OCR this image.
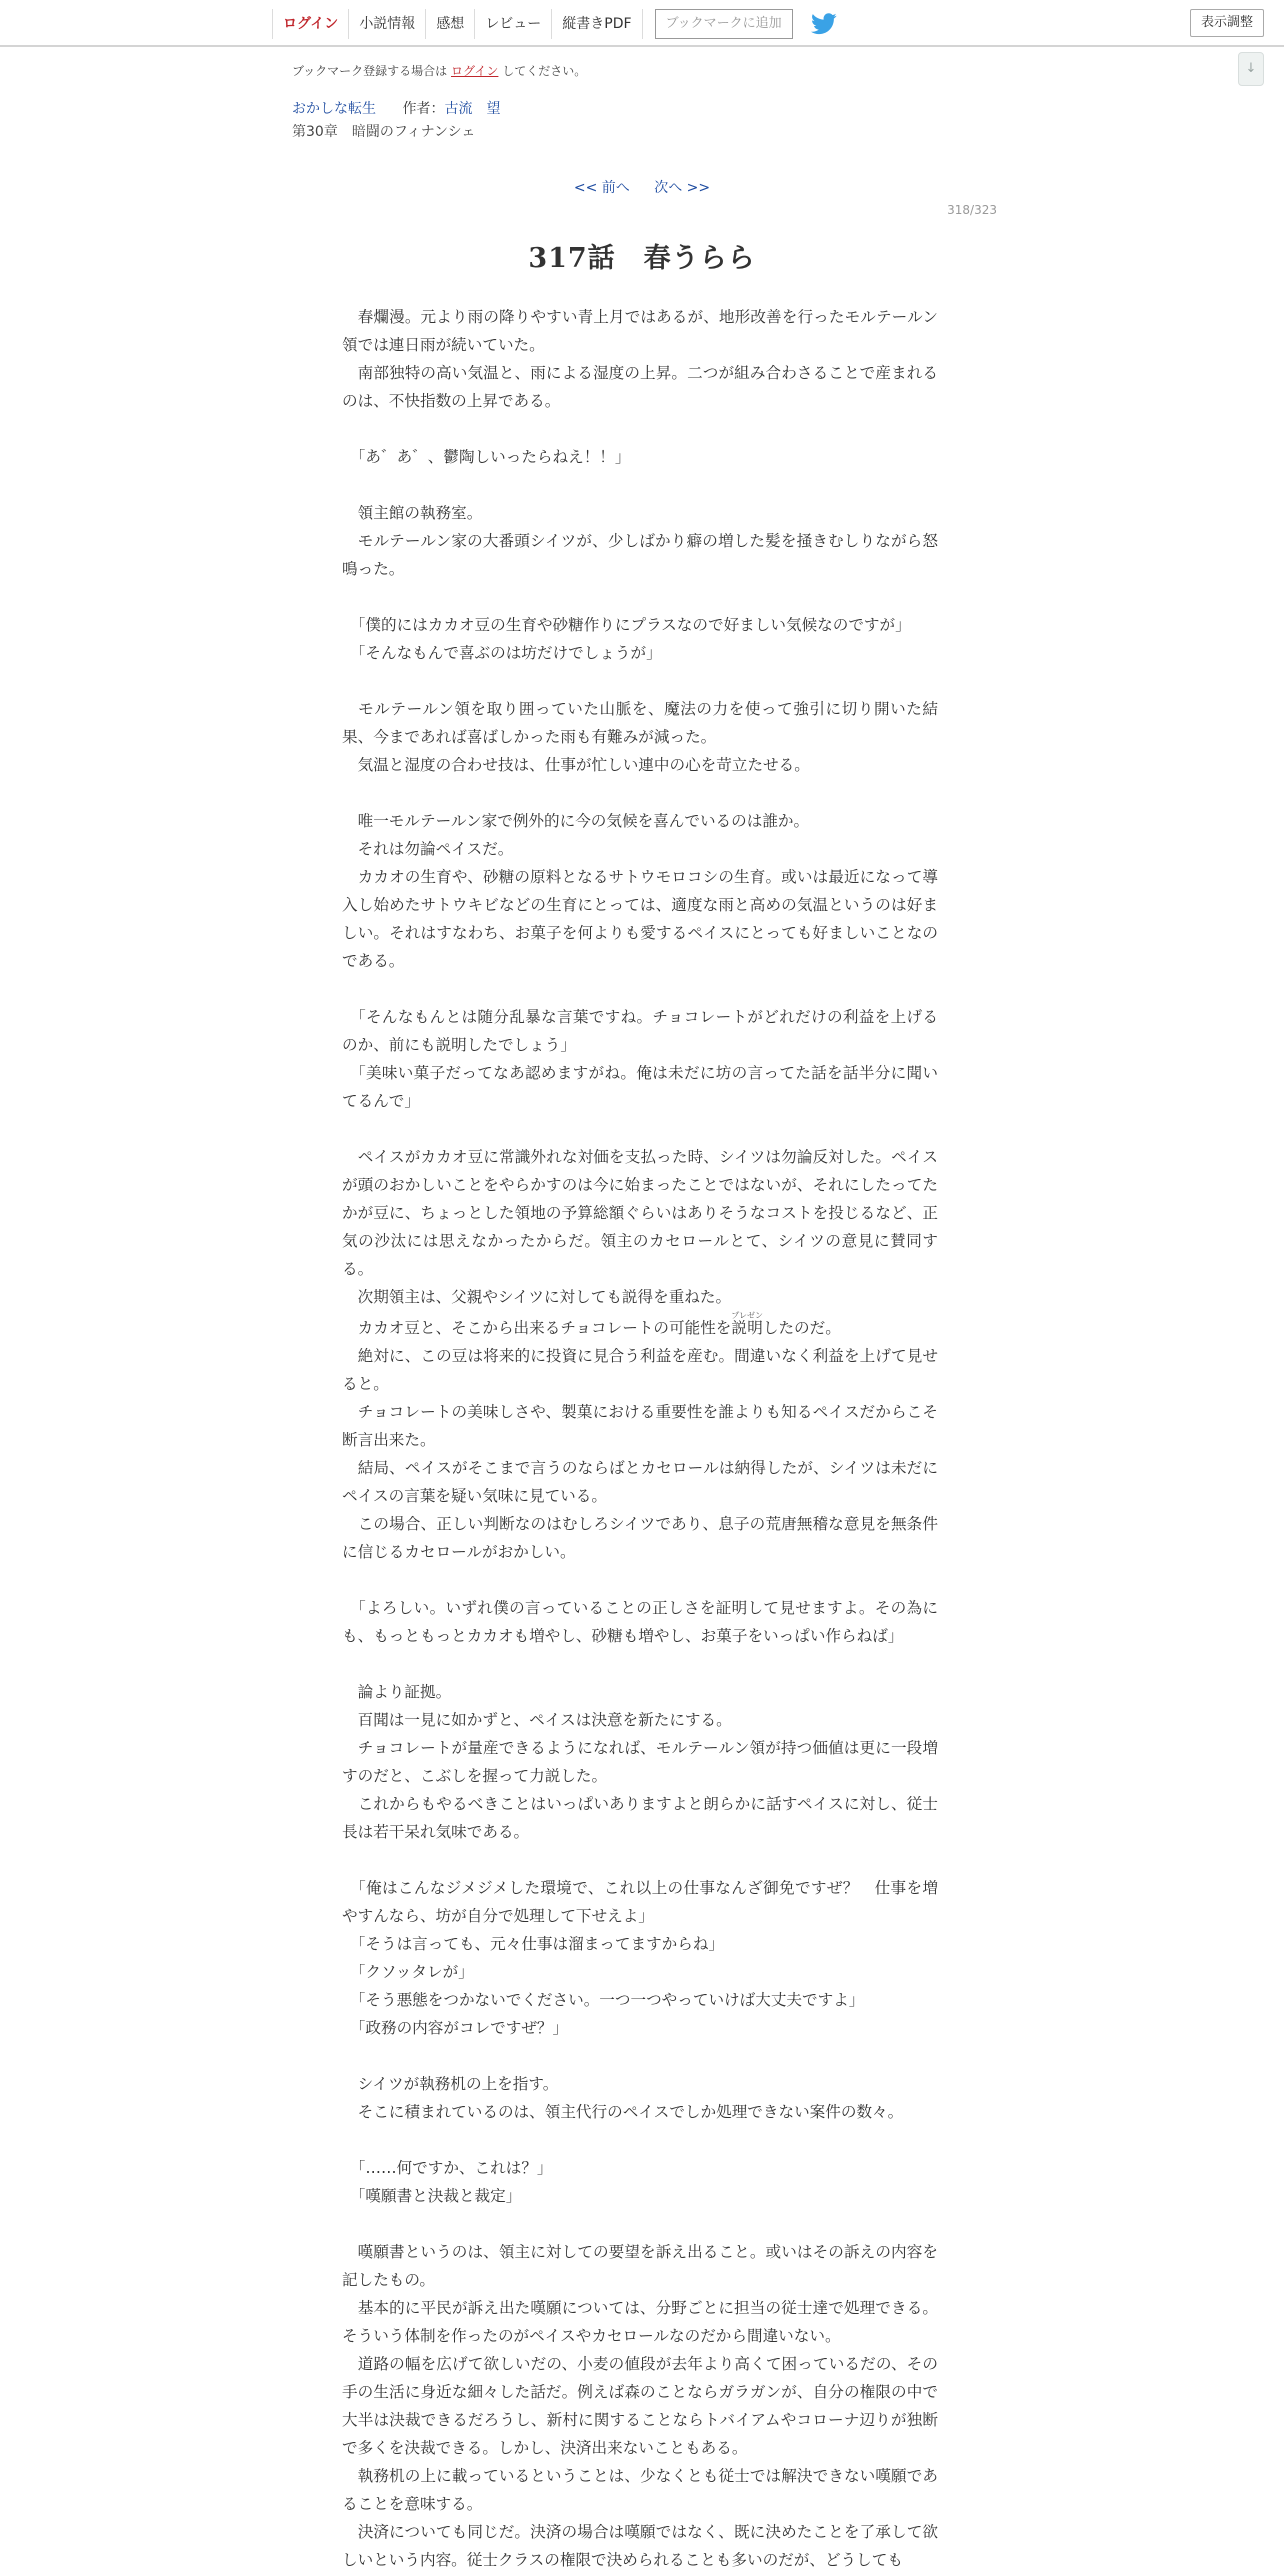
ログイン	小説情報	感想	レビュー	縦書きPDF	ブックマークに追加	表示調整
↓
ブックマーク登録する場合は ログイン してください。
おかしな転生 作者：古流　望
第30章　暗闘のフィナンシェ
<< 前へ 次へ >>
318/323
317話　春うらら

　春爛漫。元より雨の降りやすい青上月ではあるが、地形改善を行ったモルテールン領では連日雨が続いていた。

　南部独特の高い気温と、雨による湿度の上昇。二つが組み合わさることで産まれるのは、不快指数の上昇である。

　「あ゛あ゛、鬱陶しいったらねえ！！」

　領主館の執務室。

　モルテールン家の大番頭シイツが、少しばかり癖の増した髪を掻きむしりながら怒鳴った。

　「僕的にはカカオ豆の生育や砂糖作りにプラスなので好ましい気候なのですが」

　「そんなもんで喜ぶのは坊だけでしょうが」

　モルテールン領を取り囲っていた山脈を、魔法の力を使って強引に切り開いた結果、今まであれば喜ばしかった雨も有難みが減った。

　気温と湿度の合わせ技は、仕事が忙しい連中の心を苛立たせる。

　唯一モルテールン家で例外的に今の気候を喜んでいるのは誰か。

　それは勿論ペイスだ。

　カカオの生育や、砂糖の原料となるサトウモロコシの生育。或いは最近になって導入し始めたサトウキビなどの生育にとっては、適度な雨と高めの気温というのは好ましい。それはすなわち、お菓子を何よりも愛するペイスにとっても好ましいことなのである。

　「そんなもんとは随分乱暴な言葉ですね。チョコレートがどれだけの利益を上げるのか、前にも説明したでしょう」

　「美味い菓子だってなあ認めますがね。俺は未だに坊の言ってた話を話半分に聞いてるんで」

　ペイスがカカオ豆に常識外れな対価を支払った時、シイツは勿論反対した。ペイスが頭のおかしいことをやらかすのは今に始まったことではないが、それにしたってたかが豆に、ちょっとした領地の予算総額ぐらいはありそうなコストを投じるなど、正気の沙汰には思えなかったからだ。領主のカセロールとて、シイツの意見に賛同する。

　次期領主は、父親やシイツに対しても説得を重ねた。

　カカオ豆と、そこから出来るチョコレートの可能性を説明プレゼンしたのだ。

　絶対に、この豆は将来的に投資に見合う利益を産む。間違いなく利益を上げて見せると。

　チョコレートの美味しさや、製菓における重要性を誰よりも知るペイスだからこそ断言出来た。

　結局、ペイスがそこまで言うのならばとカセロールは納得したが、シイツは未だにペイスの言葉を疑い気味に見ている。

　この場合、正しい判断なのはむしろシイツであり、息子の荒唐無稽な意見を無条件に信じるカセロールがおかしい。

　「よろしい。いずれ僕の言っていることの正しさを証明して見せますよ。その為にも、もっともっとカカオも増やし、砂糖も増やし、お菓子をいっぱい作らねば」

　論より証拠。

　百聞は一見に如かずと、ペイスは決意を新たにする。

　チョコレートが量産できるようになれば、モルテールン領が持つ価値は更に一段増すのだと、こぶしを握って力説した。

　これからもやるべきことはいっぱいありますよと朗らかに話すペイスに対し、従士長は若干呆れ気味である。

　「俺はこんなジメジメした環境で、これ以上の仕事なんざ御免ですぜ？　仕事を増やすんなら、坊が自分で処理して下せえよ」

　「そうは言っても、元々仕事は溜まってますからね」

　「クソッタレが」

　「そう悪態をつかないでください。一つ一つやっていけば大丈夫ですよ」

　「政務の内容がコレですぜ？」

　シイツが執務机の上を指す。

　そこに積まれているのは、領主代行のペイスでしか処理できない案件の数々。

　「……何ですか、これは？」

　「嘆願書と決裁と裁定」

　嘆願書というのは、領主に対しての要望を訴え出ること。或いはその訴えの内容を記したもの。

　基本的に平民が訴え出た嘆願については、分野ごとに担当の従士達で処理できる。そういう体制を作ったのがペイスやカセロールなのだから間違いない。

　道路の幅を広げて欲しいだの、小麦の値段が去年より高くて困っているだの、その手の生活に身近な細々した話だ。例えば森のことならガラガンが、自分の権限の中で大半は決裁できるだろうし、新村に関することならトバイアムやコローナ辺りが独断で多くを決裁できる。しかし、決済出来ないこともある。

　執務机の上に載っているということは、少なくとも従士では解決できない嘆願であることを意味する。

　決済についても同じだ。決済の場合は嘆願ではなく、既に決めたことを了承して欲しいという内容。従士クラスの権限で決められることも多いのだが、どうしても
